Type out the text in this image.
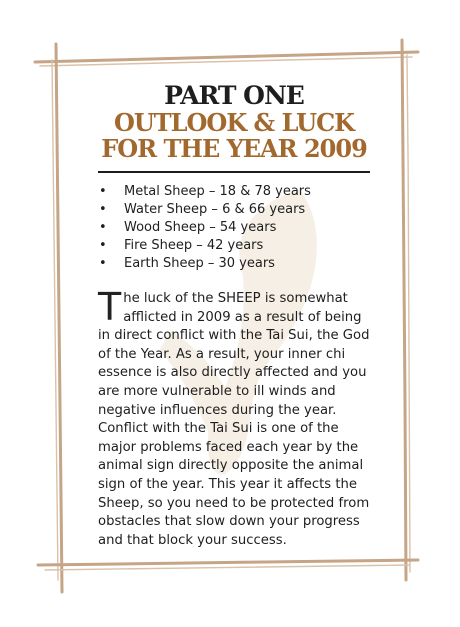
PART ONE
OUTLOOK & LUCK
FOR THE YEAR 2009
• Metal Sheep – 18 & 78 years
• Water Sheep – 6 & 66 years
• Wood Sheep – 54 years
• Fire Sheep – 42 years
• Earth Sheep – 30 years
The luck of the SHEEP is somewhat afflicted in 2009 as a result of being in direct conflict with the Tai Sui, the God of the Year. As a result, your inner chi essence is also directly affected and you are more vulnerable to ill winds and negative influences during the year. Conflict with the Tai Sui is one of the major problems faced each year by the animal sign directly opposite the animal sign of the year. This year it affects the Sheep, so you need to be protected from obstacles that slow down your progress and that block your success.
